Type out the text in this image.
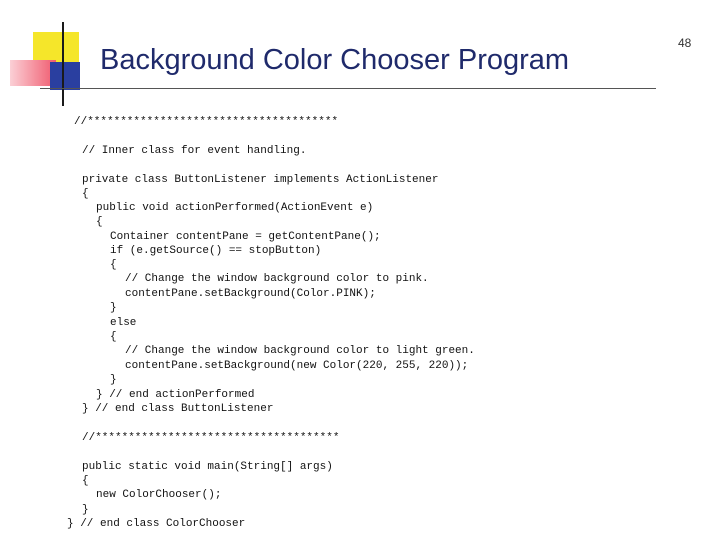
Background Color Chooser Program
48
//**************************************
// Inner class for event handling.
private class ButtonListener implements ActionListener
{
public void actionPerformed(ActionEvent e)
{
Container contentPane = getContentPane();
if (e.getSource() == stopButton)
{
// Change the window background color to pink.
contentPane.setBackground(Color.PINK);
}
else
{
// Change the window background color to light green.
contentPane.setBackground(new Color(220, 255, 220));
}
} // end actionPerformed
} // end class ButtonListener
//*************************************
public static void main(String[] args)
{
new ColorChooser();
}
} // end class ColorChooser
